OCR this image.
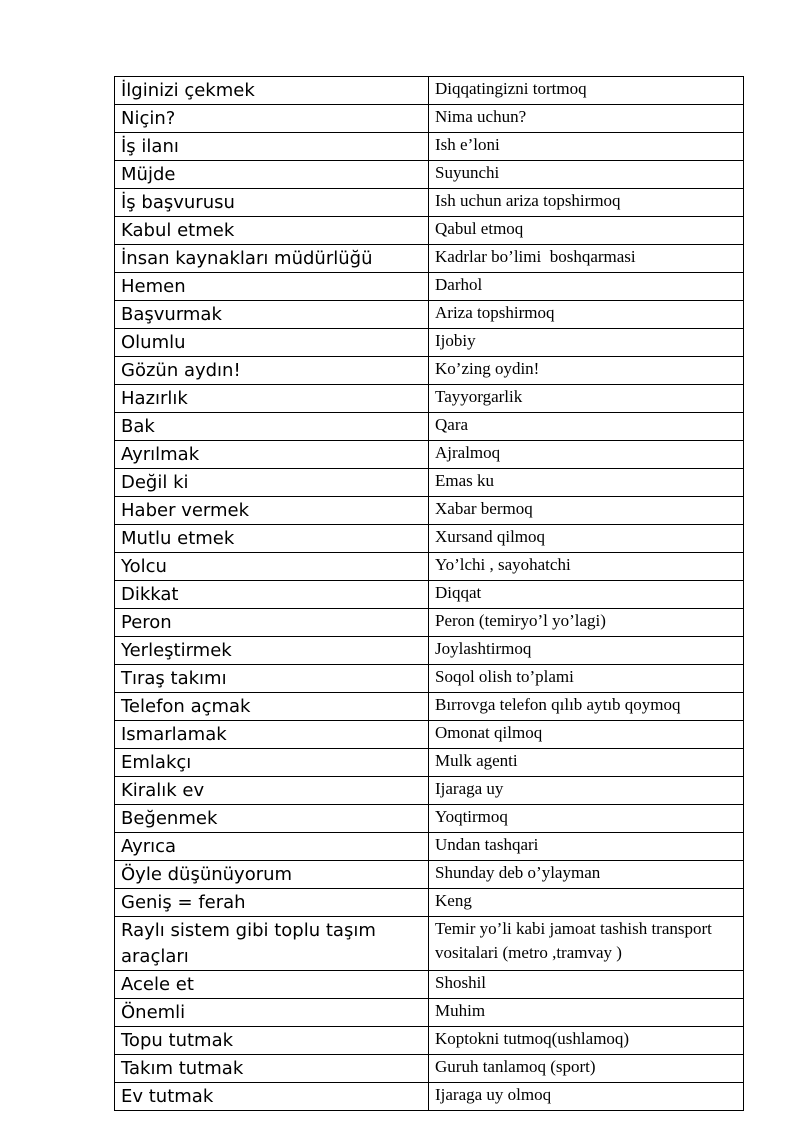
İlginizi çekmek	Diqqatingizni tortmoq
Niçin?	Nima uchun?
İş ilanı	Ish e’loni
Müjde	Suyunchi
İş başvurusu	Ish uchun ariza topshirmoq
Kabul etmek	Qabul etmoq
İnsan kaynakları müdürlüğü	Kadrlar bo’limi  boshqarmasi
Hemen	Darhol
Başvurmak	Ariza topshirmoq
Olumlu	Ijobiy
Gözün aydın!	Ko’zing oydin!
Hazırlık	Tayyorgarlik
Bak	Qara
Ayrılmak	Ajralmoq
Değil ki	Emas ku
Haber vermek	Xabar bermoq
Mutlu etmek	Xursand qilmoq
Yolcu	Yo’lchi , sayohatchi
Dikkat	Diqqat
Peron	Peron (temiryo’l yo’lagi)
Yerleştirmek	Joylashtirmoq
Tıraş takımı	Soqol olish to’plami
Telefon açmak	Bırrovga telefon qılıb aytıb qoymoq
Ismarlamak	Omonat qilmoq
Emlakçı	Mulk agenti
Kiralık ev	Ijaraga uy
Beğenmek	Yoqtirmoq
Ayrıca	Undan tashqari
Öyle düşünüyorum	Shunday deb o’ylayman
Geniş = ferah	Keng
Raylı sistem gibi toplu taşım araçları	Temir yo’li kabi jamoat tashish transport vositalari (metro ,tramvay )
Acele et	Shoshil
Önemli	Muhim
Topu tutmak	Koptokni tutmoq(ushlamoq)
Takım tutmak	Guruh tanlamoq (sport)
Ev tutmak	Ijaraga uy olmoq
